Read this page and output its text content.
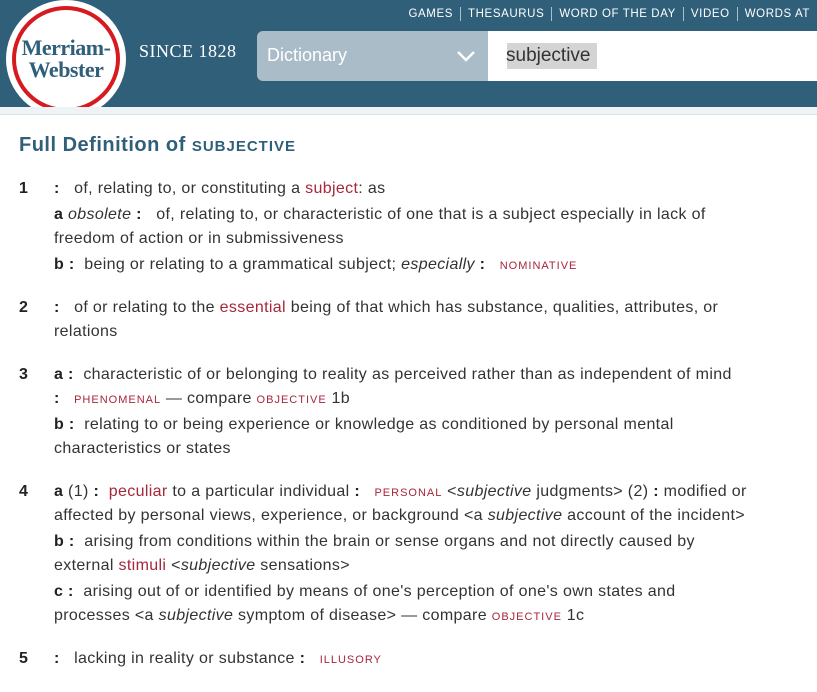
Merriam-
Webster
SINCE 1828
GAMES	THESAURUS	WORD OF THE DAY	VIDEO	WORDS AT
Dictionary
subjective
Full Definition of SUBJECTIVE
1 : of, relating to, or constituting a subject: as
a obsolete : of, relating to, or characteristic of one that is a subject especially in lack of
freedom of action or in submissiveness
b : being or relating to a grammatical subject; especially : NOMINATIVE
2 : of or relating to the essential being of that which has substance, qualities, attributes, or
relations
3 a : characteristic of or belonging to reality as perceived rather than as independent of mind
: PHENOMENAL — compare OBJECTIVE 1b
b : relating to or being experience or knowledge as conditioned by personal mental
characteristics or states
4 a (1) : peculiar to a particular individual : PERSONAL <subjective judgments> (2) : modified or
affected by personal views, experience, or background <a subjective account of the incident>
b : arising from conditions within the brain or sense organs and not directly caused by
external stimuli <subjective sensations>
c : arising out of or identified by means of one's perception of one's own states and
processes <a subjective symptom of disease> — compare OBJECTIVE 1c
5 : lacking in reality or substance : ILLUSORY
